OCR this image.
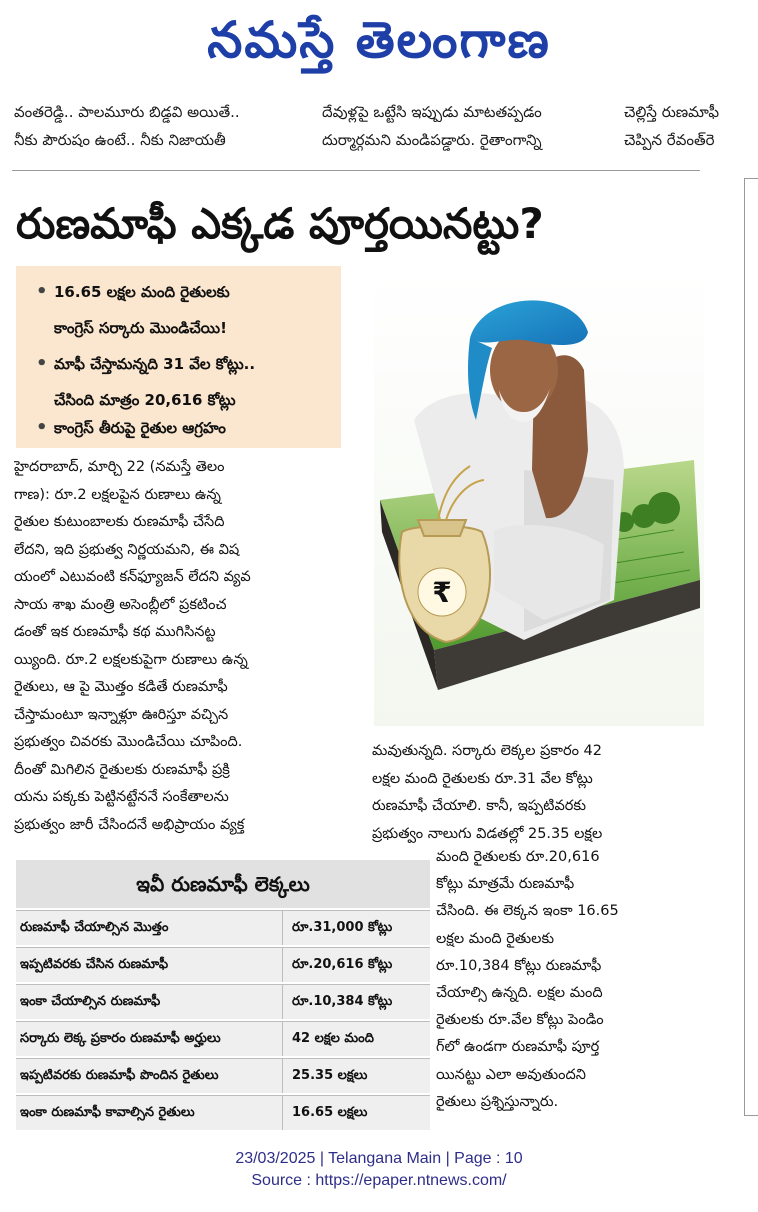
నమస్తే తెలంగాణ

వంతరెడ్డి.. పాలమూరు బిడ్డవి అయితే..

నీకు పౌరుషం ఉంటే.. నీకు నిజాయతీ

దేవుళ్లపై ఒట్టేసి ఇప్పుడు మాటతప్పడం

దుర్మార్గమని మండిపడ్డారు. రైతాంగాన్ని

చెల్లిస్తే రుణమాఫీ

చెప్పిన రేవంత్‌రె

రుణమాఫీ ఎక్కడ పూర్తయినట్టు?
• 16.65 లక్షల మంది రైతులకు
కాంగ్రెస్ సర్కారు మొండిచేయి!
• మాఫీ చేస్తామన్నది 31 వేల కోట్లు..
చేసింది మాత్రం 20,616 కోట్లు
• కాంగ్రెస్ తీరుపై రైతుల ఆగ్రహం
₹

హైదరాబాద్, మార్చి 22 (నమస్తే తెలం

గాణ): రూ.2 లక్షలపైన రుణాలు ఉన్న

రైతుల కుటుంబాలకు రుణమాఫీ చేసేది

లేదని, ఇది ప్రభుత్వ నిర్ణయమని, ఈ విష

యంలో ఎటువంటి కన్‌ఫ్యూజన్ లేదని వ్యవ

సాయ శాఖ మంత్రి అసెంబ్లీలో ప్రకటించ

డంతో ఇక రుణమాఫీ కథ ముగిసినట్ట

య్యింది. రూ.2 లక్షలకుపైగా రుణాలు ఉన్న

రైతులు, ఆ పై మొత్తం కడితే రుణమాఫీ

చేస్తామంటూ ఇన్నాళ్లూ ఊరిస్తూ వచ్చిన

ప్రభుత్వం చివరకు మొండిచేయి చూపింది.

దీంతో మిగిలిన రైతులకు రుణమాఫీ ప్రక్రి

యను పక్కకు పెట్టినట్టేననే సంకేతాలను

ప్రభుత్వం జారీ చేసిందనే అభిప్రాయం వ్యక్త

మవుతున్నది. సర్కారు లెక్కల ప్రకారం 42

లక్షల మంది రైతులకు రూ.31 వేల కోట్లు

రుణమాఫీ చేయాలి. కానీ, ఇప్పటివరకు

ప్రభుత్వం నాలుగు విడతల్లో 25.35 లక్షల

మంది రైతులకు రూ.20,616

కోట్లు మాత్రమే రుణమాఫీ

చేసింది. ఈ లెక్కన ఇంకా 16.65

లక్షల మంది రైతులకు

రూ.10,384 కోట్లు రుణమాఫీ

చేయాల్సి ఉన్నది. లక్షల మంది

రైతులకు రూ.వేల కోట్లు పెండిం

గ్‌లో ఉండగా రుణమాఫీ పూర్త

యినట్టు ఎలా అవుతుందని

రైతులు ప్రశ్నిస్తున్నారు.

ఇవీ రుణమాఫీ లెక్కలు
రుణమాఫీ చేయాల్సిన మొత్తం	రూ.31,000 కోట్లు
ఇప్పటివరకు చేసిన రుణమాఫీ	రూ.20,616 కోట్లు
ఇంకా చేయాల్సిన రుణమాఫీ	రూ.10,384 కోట్లు
సర్కారు లెక్క ప్రకారం రుణమాఫీ అర్హులు	42 లక్షల మంది
ఇప్పటివరకు రుణమాఫీ పొందిన రైతులు	25.35 లక్షలు
ఇంకా రుణమాఫీ కావాల్సిన రైతులు	16.65 లక్షలు
23/03/2025 | Telangana Main | Page : 10
Source : https://epaper.ntnews.com/
